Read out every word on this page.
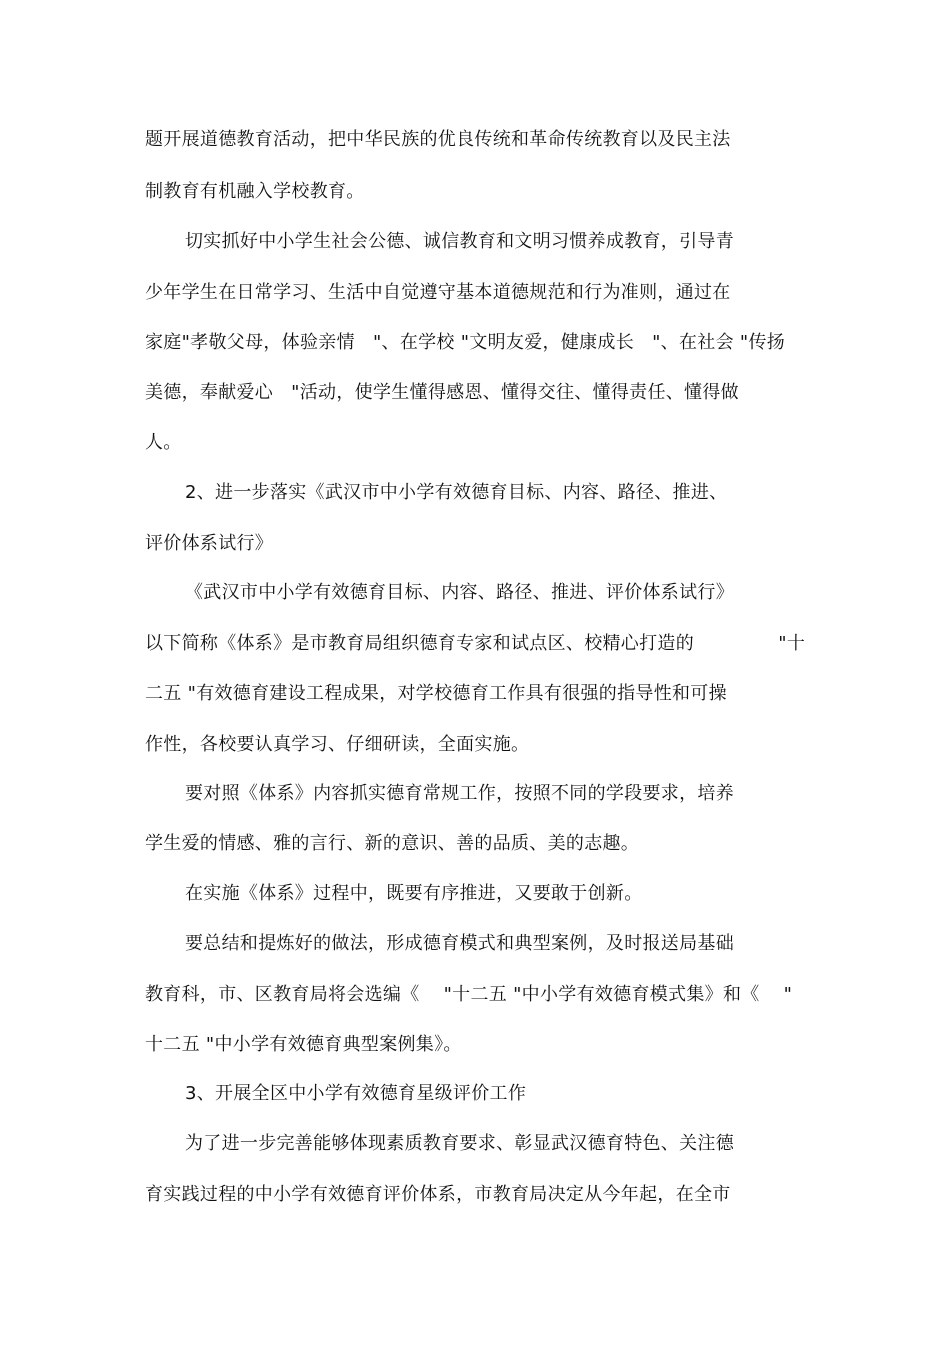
题开展道德教育活动，把中华民族的优良传统和革命传统教育以及民主法
制教育有机融入学校教育。
切实抓好中小学生社会公德、诚信教育和文明习惯养成教育，引导青
少年学生在日常学习、生活中自觉遵守基本道德规范和行为准则，通过在
家庭"孝敬父母，体验亲情   "、在学校 "文明友爱，健康成长   "、在社会 "传扬
美德，奉献爱心   "活动，使学生懂得感恩、懂得交往、懂得责任、懂得做
人。
2、进一步落实《武汉市中小学有效德育目标、内容、路径、推进、
评价体系试行》
《武汉市中小学有效德育目标、内容、路径、推进、评价体系试行》
以下简称《体系》是市教育局组织德育专家和试点区、校精心打造的              "十
二五 "有效德育建设工程成果，对学校德育工作具有很强的指导性和可操
作性，各校要认真学习、仔细研读，全面实施。
要对照《体系》内容抓实德育常规工作，按照不同的学段要求，培养
学生爱的情感、雅的言行、新的意识、善的品质、美的志趣。
在实施《体系》过程中，既要有序推进，又要敢于创新。
要总结和提炼好的做法，形成德育模式和典型案例，及时报送局基础
教育科，市、区教育局将会选编《    "十二五 "中小学有效德育模式集》和《    "
十二五 "中小学有效德育典型案例集》。
3、开展全区中小学有效德育星级评价工作
为了进一步完善能够体现素质教育要求、彰显武汉德育特色、关注德
育实践过程的中小学有效德育评价体系，市教育局决定从今年起，在全市
